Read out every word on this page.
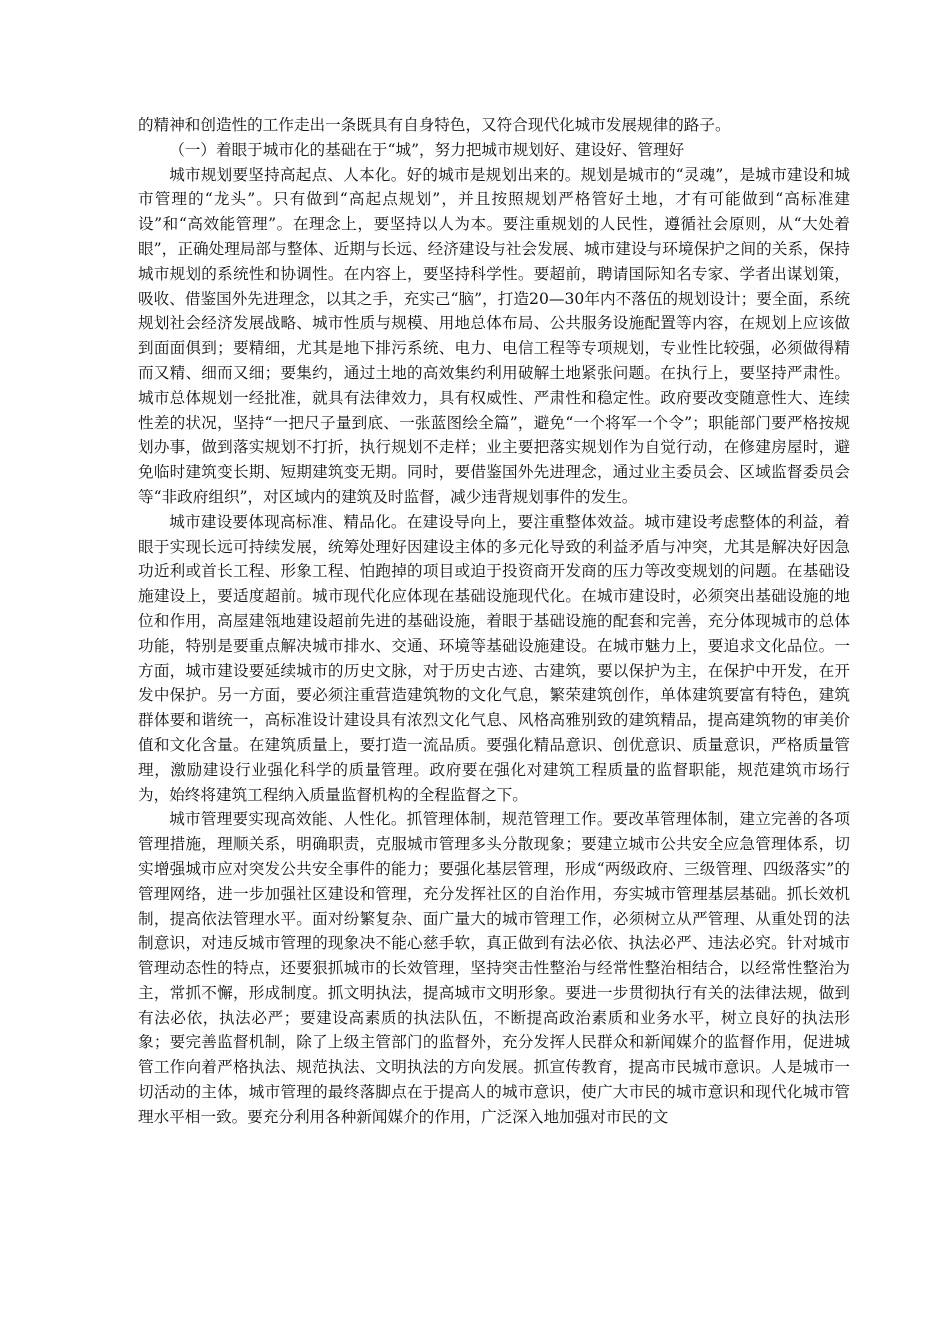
的精神和创造性的工作走出一条既具有自身特色，又符合现代化城市发展规律的路子。

（一）着眼于城市化的基础在于“城”，努力把城市规划好、建设好、管理好

城市规划要坚持高起点、人本化。好的城市是规划出来的。规划是城市的“灵魂”，是城市建设和城市管理的“龙头”。只有做到“高起点规划”，并且按照规划严格管好土地，才有可能做到“高标准建设”和“高效能管理”。在理念上，要坚持以人为本。要注重规划的人民性，遵循社会原则，从“大处着眼”，正确处理局部与整体、近期与长远、经济建设与社会发展、城市建设与环境保护之间的关系，保持城市规划的系统性和协调性。在内容上，要坚持科学性。要超前，聘请国际知名专家、学者出谋划策，吸收、借鉴国外先进理念，以其之手，充实己“脑”，打造20—30年内不落伍的规划设计；要全面，系统规划社会经济发展战略、城市性质与规模、用地总体布局、公共服务设施配置等内容，在规划上应该做到面面俱到；要精细，尤其是地下排污系统、电力、电信工程等专项规划，专业性比较强，必须做得精而又精、细而又细；要集约，通过土地的高效集约利用破解土地紧张问题。在执行上，要坚持严肃性。城市总体规划一经批准，就具有法律效力，具有权威性、严肃性和稳定性。政府要改变随意性大、连续性差的状况，坚持“一把尺子量到底、一张蓝图绘全篇”，避免“一个将军一个令”；职能部门要严格按规划办事，做到落实规划不打折，执行规划不走样；业主要把落实规划作为自觉行动，在修建房屋时，避免临时建筑变长期、短期建筑变无期。同时，要借鉴国外先进理念，通过业主委员会、区域监督委员会等“非政府组织”，对区域内的建筑及时监督，减少违背规划事件的发生。

城市建设要体现高标准、精品化。在建设导向上，要注重整体效益。城市建设考虑整体的利益，着眼于实现长远可持续发展，统筹处理好因建设主体的多元化导致的利益矛盾与冲突，尤其是解决好因急功近利或首长工程、形象工程、怕跑掉的项目或迫于投资商开发商的压力等改变规划的问题。在基础设施建设上，要适度超前。城市现代化应体现在基础设施现代化。在城市建设时，必须突出基础设施的地位和作用，高屋建瓴地建设超前先进的基础设施，着眼于基础设施的配套和完善，充分体现城市的总体功能，特别是要重点解决城市排水、交通、环境等基础设施建设。在城市魅力上，要追求文化品位。一方面，城市建设要延续城市的历史文脉，对于历史古迹、古建筑，要以保护为主，在保护中开发，在开发中保护。另一方面，要必须注重营造建筑物的文化气息，繁荣建筑创作，单体建筑要富有特色，建筑群体要和谐统一，高标准设计建设具有浓烈文化气息、风格高雅别致的建筑精品，提高建筑物的审美价值和文化含量。在建筑质量上，要打造一流品质。要强化精品意识、创优意识、质量意识，严格质量管理，激励建设行业强化科学的质量管理。政府要在强化对建筑工程质量的监督职能，规范建筑市场行为，始终将建筑工程纳入质量监督机构的全程监督之下。

城市管理要实现高效能、人性化。抓管理体制，规范管理工作。要改革管理体制，建立完善的各项管理措施，理顺关系，明确职责，克服城市管理多头分散现象；要建立城市公共安全应急管理体系，切实增强城市应对突发公共安全事件的能力；要强化基层管理，形成“两级政府、三级管理、四级落实”的管理网络，进一步加强社区建设和管理，充分发挥社区的自治作用，夯实城市管理基层基础。抓长效机制，提高依法管理水平。面对纷繁复杂、面广量大的城市管理工作，必须树立从严管理、从重处罚的法制意识，对违反城市管理的现象决不能心慈手软，真正做到有法必依、执法必严、违法必究。针对城市管理动态性的特点，还要狠抓城市的长效管理，坚持突击性整治与经常性整治相结合，以经常性整治为主，常抓不懈，形成制度。抓文明执法，提高城市文明形象。要进一步贯彻执行有关的法律法规，做到有法必依，执法必严；要建设高素质的执法队伍，不断提高政治素质和业务水平，树立良好的执法形象；要完善监督机制，除了上级主管部门的监督外，充分发挥人民群众和新闻媒介的监督作用，促进城管工作向着严格执法、规范执法、文明执法的方向发展。抓宣传教育，提高市民城市意识。人是城市一切活动的主体，城市管理的最终落脚点在于提高人的城市意识，使广大市民的城市意识和现代化城市管理水平相一致。要充分利用各种新闻媒介的作用，广泛深入地加强对市民的文
